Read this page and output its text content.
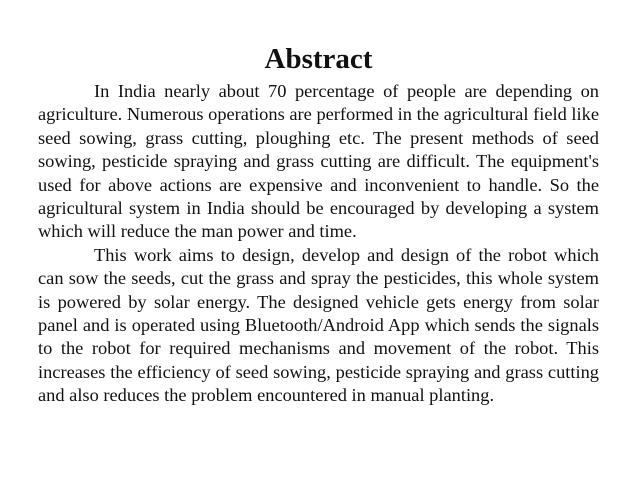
Abstract

In India nearly about 70 percentage of people are depending on agriculture. Numerous operations are performed in the agricultural field like seed sowing, grass cutting, ploughing etc. The present methods of seed sowing, pesticide spraying and grass cutting are difficult. The equipment's used for above actions are expensive and inconvenient to handle. So the agricultural system in India should be encouraged by developing a system which will reduce the man power and time.

This work aims to design, develop and design of the robot which can sow the seeds, cut the grass and spray the pesticides, this whole system is powered by solar energy. The designed vehicle gets energy from solar panel and is operated using Bluetooth/Android App which sends the signals to the robot for required mechanisms and movement of the robot. This increases the efficiency of seed sowing, pesticide spraying and grass cutting and also reduces the problem encountered in manual planting.
